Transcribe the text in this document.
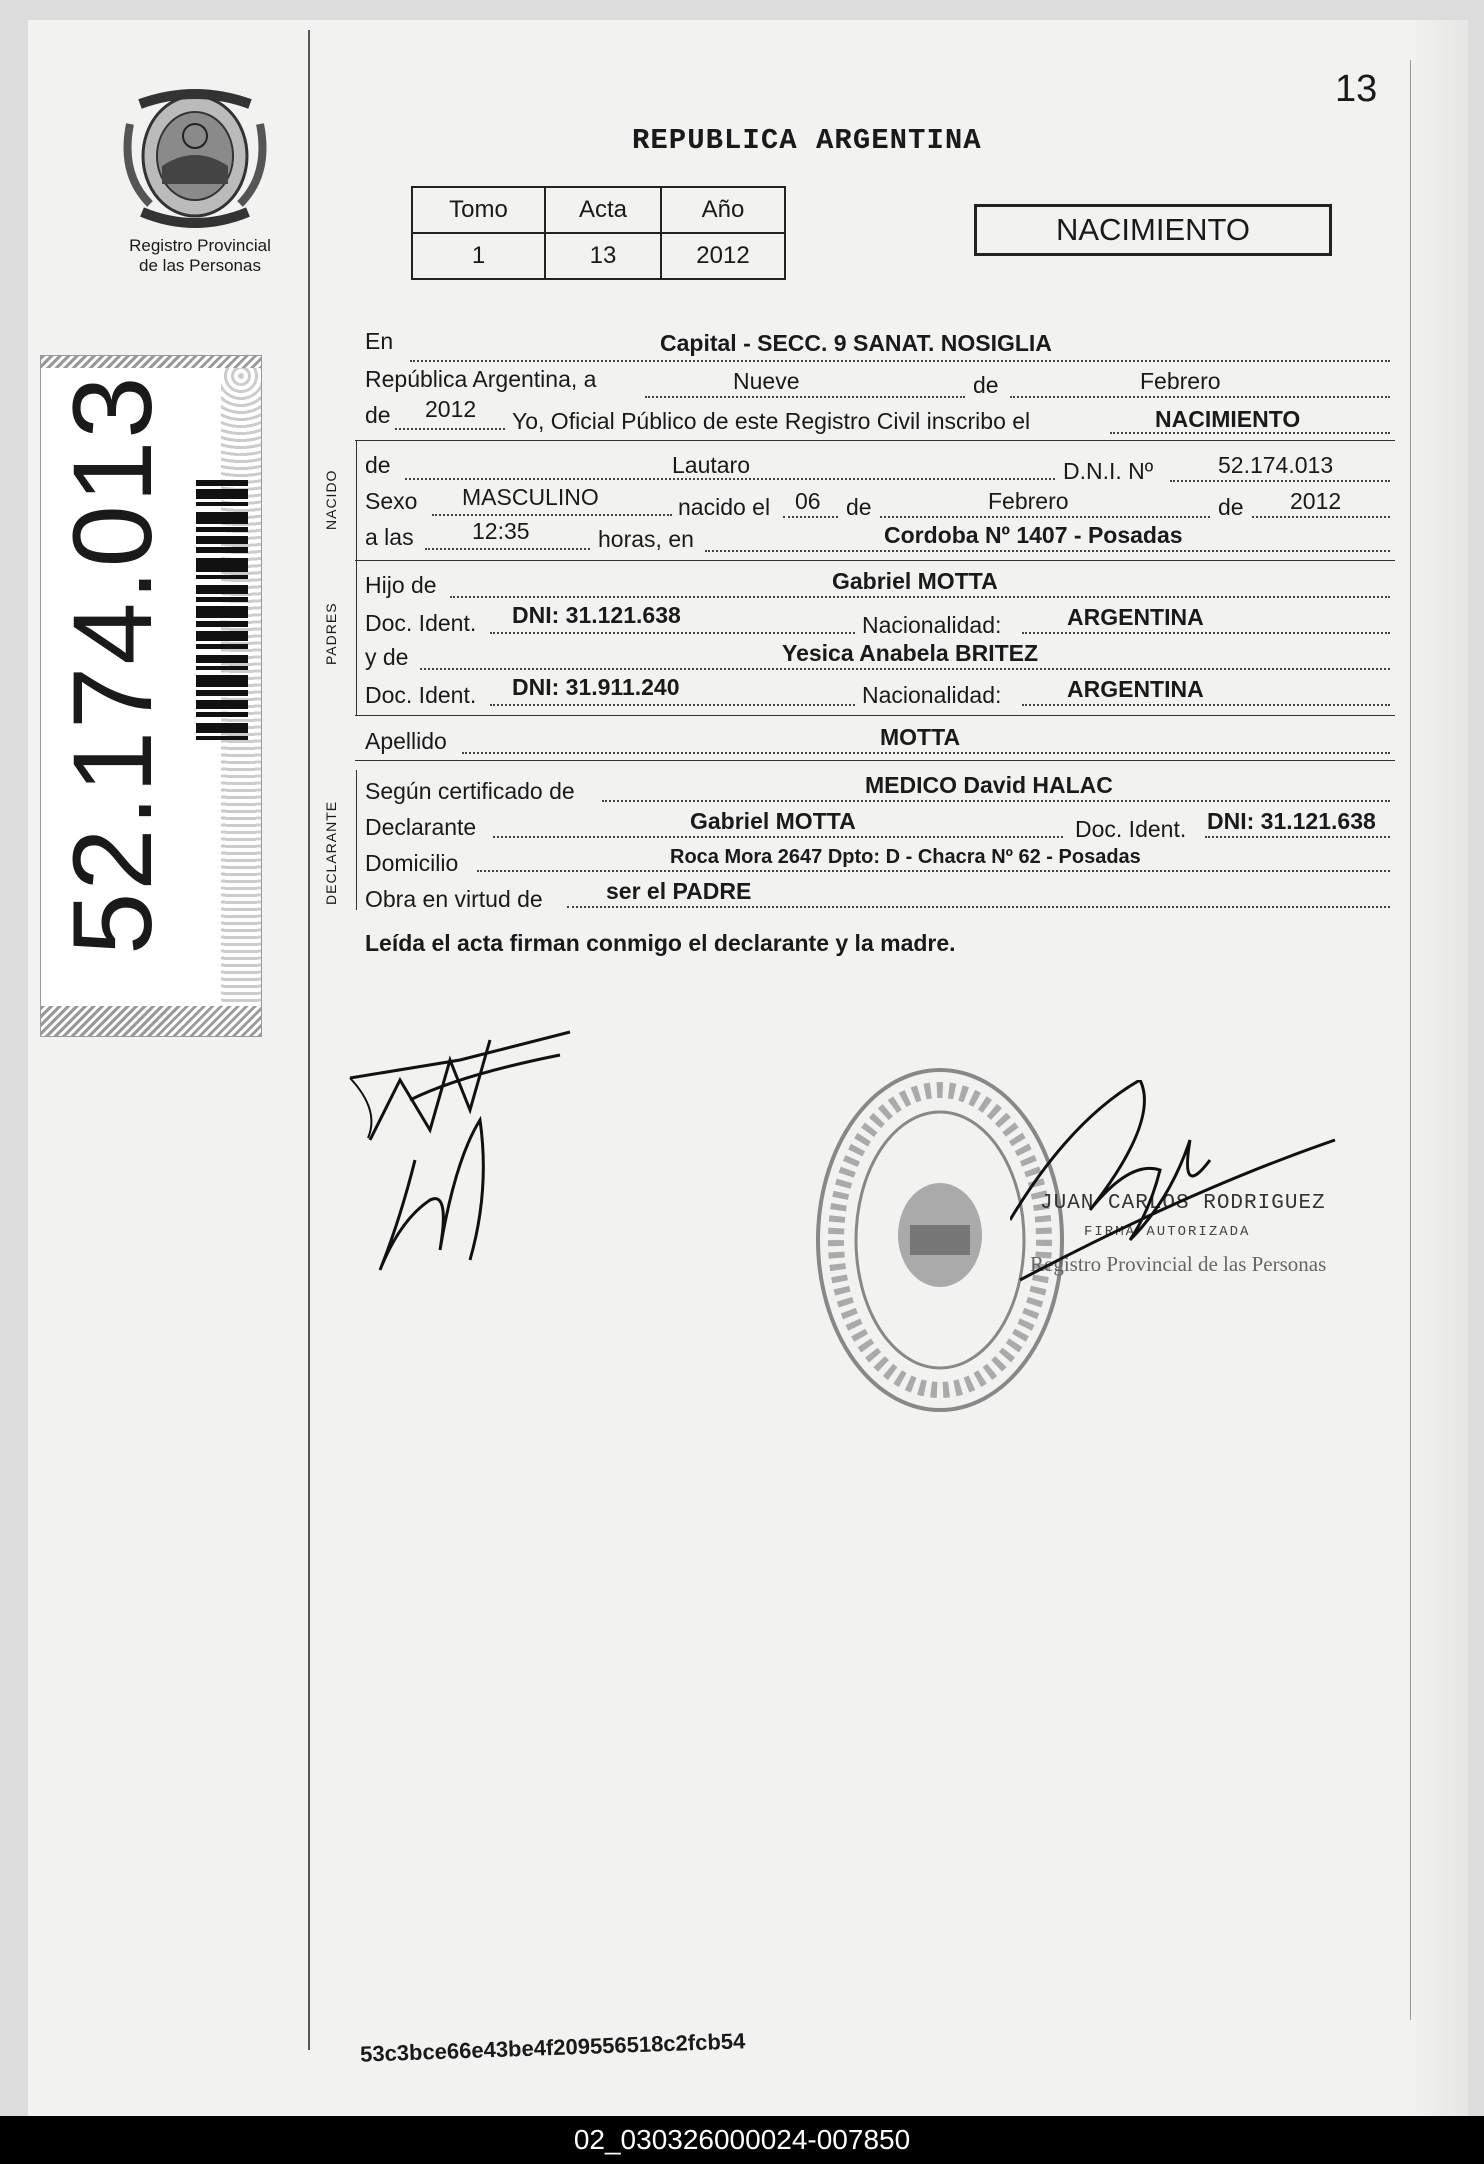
13
Registro Provincial
de las Personas
52.174.013
REPUBLICA ARGENTINA
Tomo	Acta	Año
1	13	2012
NACIMIENTO
NACIDO
PADRES
DECLARANTE
En	Capital - SECC. 9 SANAT. NOSIGLIA
República Argentina, a	Nueve	de	Febrero
de 2012 Yo, Oficial Público de este Registro Civil inscribo el	NACIMIENTO
de	Lautaro	D.N.I. Nº	52.174.013
Sexo MASCULINO	nacido el 06 de	Febrero	de 2012
a las	12:35	horas, en	Cordoba Nº 1407 - Posadas
Hijo de	Gabriel MOTTA
Doc. Ident. DNI: 31.121.638	Nacionalidad:	ARGENTINA
y de	Yesica Anabela BRITEZ
Doc. Ident. DNI: 31.911.240	Nacionalidad:	ARGENTINA
Apellido	MOTTA
Según certificado de	MEDICO David HALAC
Declarante	Gabriel MOTTA	Doc. Ident. DNI: 31.121.638
Domicilio	Roca Mora 2647 Dpto: D - Chacra Nº 62 - Posadas
Obra en virtud de	ser el PADRE
Leída el acta firman conmigo el declarante y la madre.
JUAN CARLOS RODRIGUEZ
FIRMA AUTORIZADA
Registro Provincial de las Personas
53c3bce66e43be4f209556518c2fcb54
02_030326000024-007850
